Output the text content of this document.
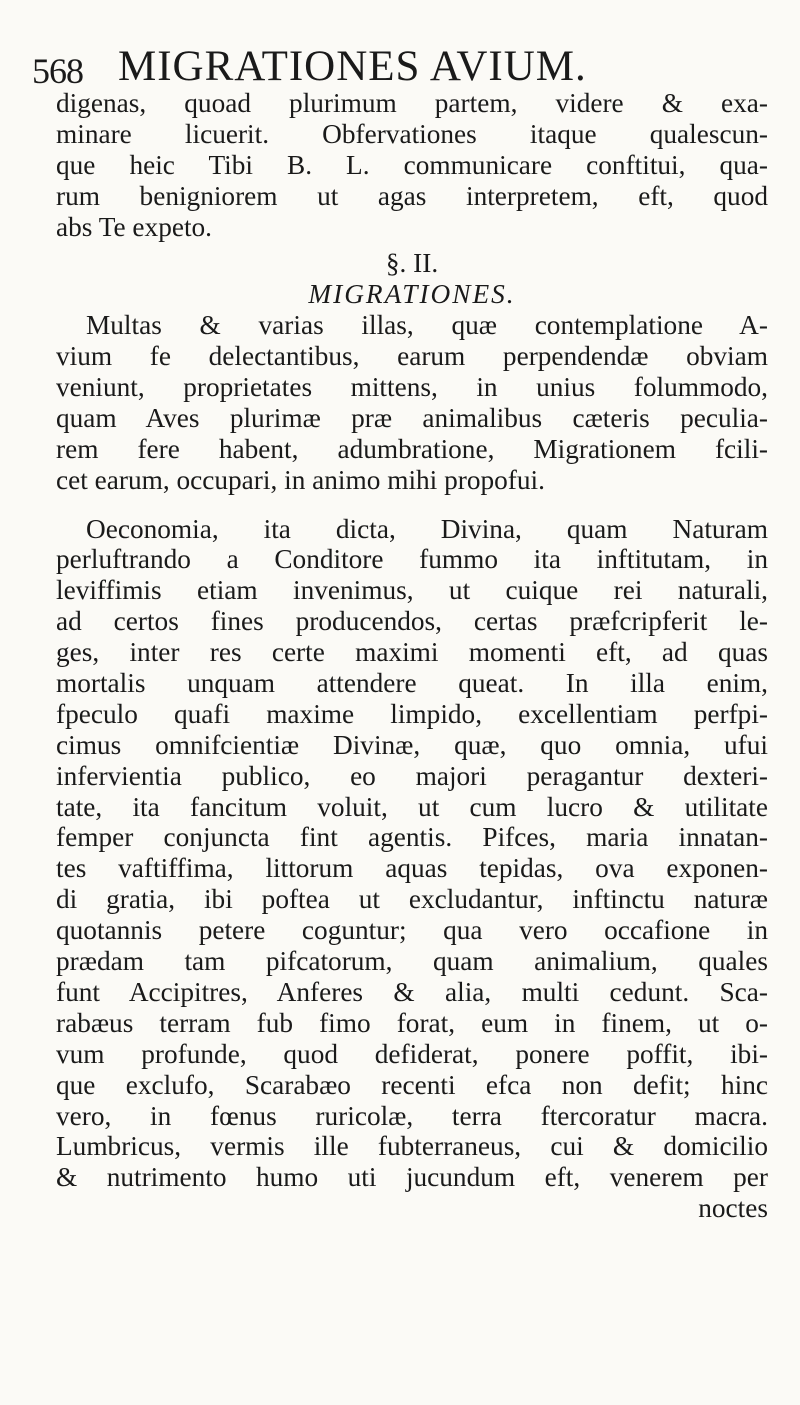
568 MIGRATIONES AVIUM.
digenas, quoad plurimum partem, videre & exa-
minare licuerit. Obfervationes itaque qualescun-
que heic Tibi B. L. communicare conftitui, qua-
rum benigniorem ut agas interpretem, eft, quod
abs Te expeto.
§. II.
MIGRATIONES.
Multas & varias illas, quæ contemplatione A-
vium fe delectantibus, earum perpendendæ obviam
veniunt, proprietates mittens, in unius folummodo,
quam Aves plurimæ præ animalibus cæteris peculia-
rem fere habent, adumbratione, Migrationem fcili-
cet earum, occupari, in animo mihi propofui.
Oeconomia, ita dicta, Divina, quam Naturam
perluftrando a Conditore fummo ita inftitutam, in
leviffimis etiam invenimus, ut cuique rei naturali,
ad certos fines producendos, certas præfcripferit le-
ges, inter res certe maximi momenti eft, ad quas
mortalis unquam attendere queat. In illa enim,
fpeculo quafi maxime limpido, excellentiam perfpi-
cimus omnifcientiæ Divinæ, quæ, quo omnia, ufui
infervientia publico, eo majori peragantur dexteri-
tate, ita fancitum voluit, ut cum lucro & utilitate
femper conjuncta fint agentis. Pifces, maria innatan-
tes vaftiffima, littorum aquas tepidas, ova exponen-
di gratia, ibi poftea ut excludantur, inftinctu naturæ
quotannis petere coguntur; qua vero occafione in
prædam tam pifcatorum, quam animalium, quales
funt Accipitres, Anferes & alia, multi cedunt. Sca-
rabæus terram fub fimo forat, eum in finem, ut o-
vum profunde, quod defiderat, ponere poffit, ibi-
que exclufo, Scarabæo recenti efca non defit; hinc
vero, in fœnus ruricolæ, terra ftercoratur macra.
Lumbricus, vermis ille fubterraneus, cui & domicilio
& nutrimento humo uti jucundum eft, venerem per
noctes
